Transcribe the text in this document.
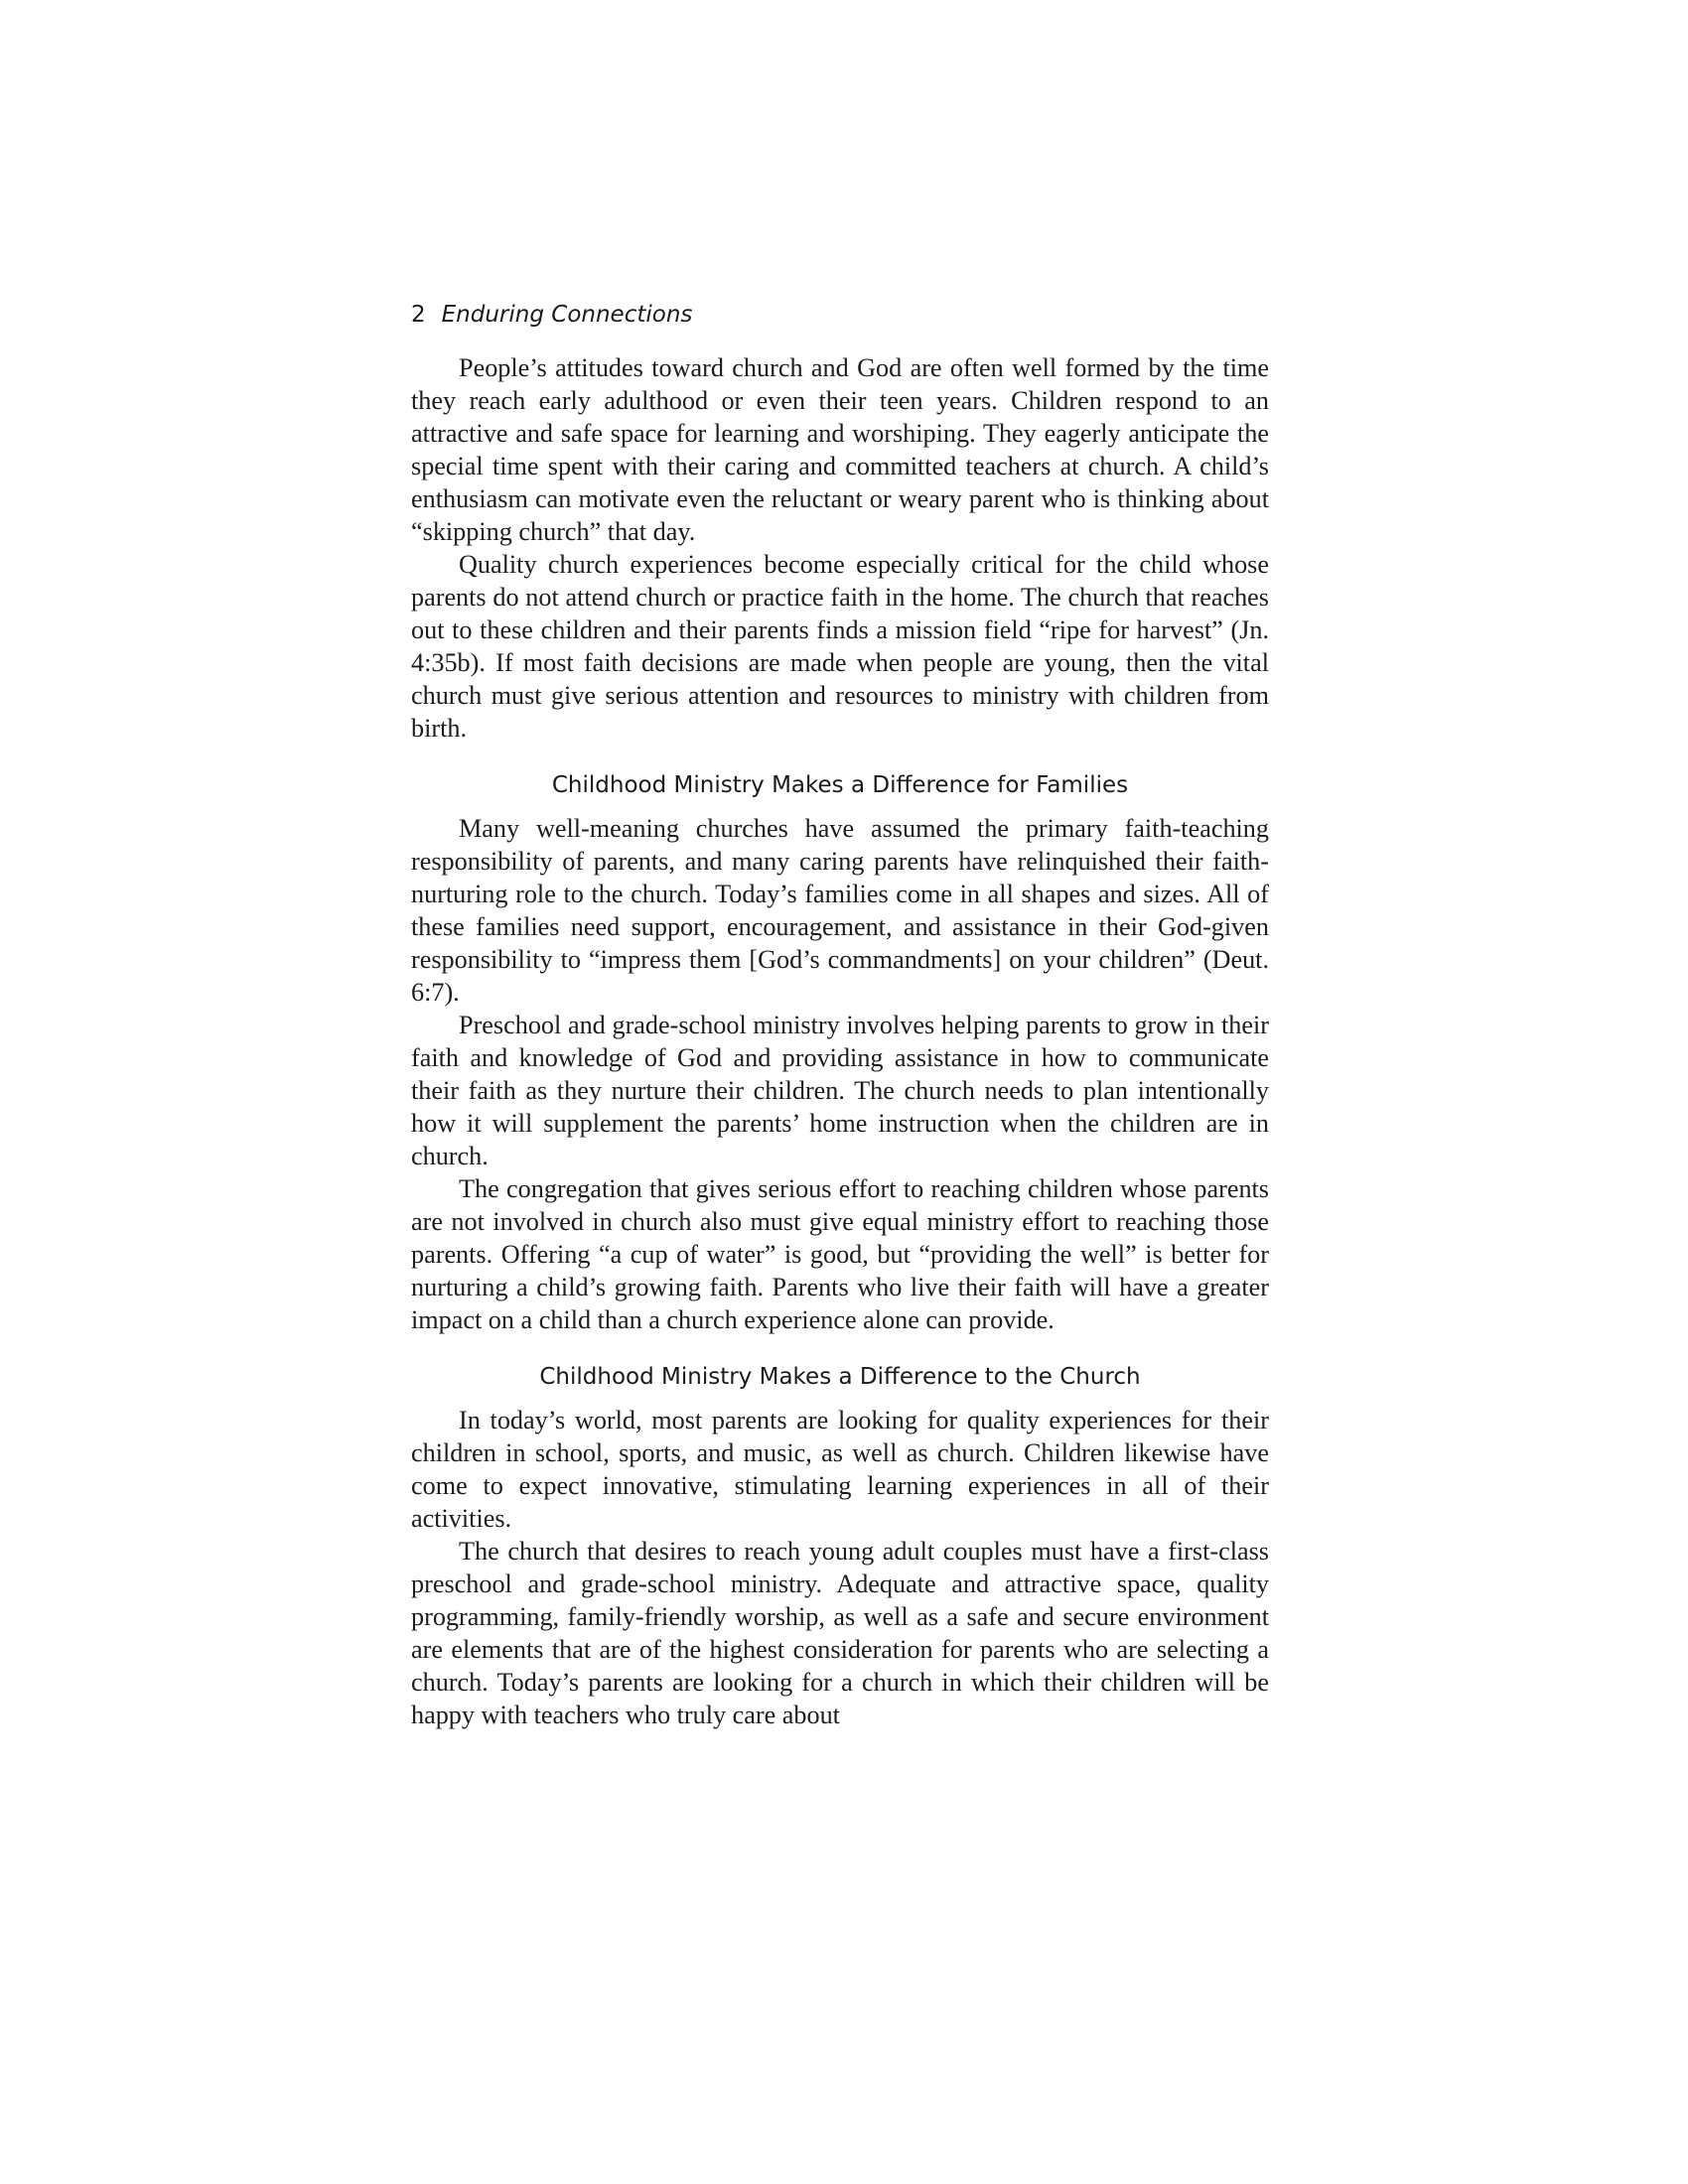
2 Enduring Connections

People’s attitudes toward church and God are often well formed by the time they reach early adulthood or even their teen years. Children respond to an attractive and safe space for learning and worshiping. They eagerly anticipate the special time spent with their caring and committed teachers at church. A child’s enthusiasm can motivate even the reluctant or weary parent who is thinking about “skipping church” that day.

Quality church experiences become especially critical for the child whose parents do not attend church or practice faith in the home. The church that reaches out to these children and their parents finds a mission field “ripe for harvest” (Jn. 4:35b). If most faith decisions are made when people are young, then the vital church must give serious attention and resources to ministry with children from birth.

Childhood Ministry Makes a Difference for Families

Many well-meaning churches have assumed the primary faith-teaching responsibility of parents, and many caring parents have relinquished their faith-nurturing role to the church. Today’s families come in all shapes and sizes. All of these families need support, encouragement, and assistance in their God-given responsibility to “impress them [God’s commandments] on your children” (Deut. 6:7).

Preschool and grade-school ministry involves helping parents to grow in their faith and knowledge of God and providing assistance in how to communicate their faith as they nurture their children. The church needs to plan intentionally how it will supplement the parents’ home instruction when the children are in church.

The congregation that gives serious effort to reaching children whose parents are not involved in church also must give equal ministry effort to reaching those parents. Offering “a cup of water” is good, but “providing the well” is better for nurturing a child’s growing faith. Parents who live their faith will have a greater impact on a child than a church experience alone can provide.

Childhood Ministry Makes a Difference to the Church

In today’s world, most parents are looking for quality experiences for their children in school, sports, and music, as well as church. Children likewise have come to expect innovative, stimulating learning experiences in all of their activities.

The church that desires to reach young adult couples must have a first-class preschool and grade-school ministry. Adequate and attractive space, quality programming, family-friendly worship, as well as a safe and secure environment are elements that are of the highest consideration for parents who are selecting a church. Today’s parents are looking for a church in which their children will be happy with teachers who truly care about
